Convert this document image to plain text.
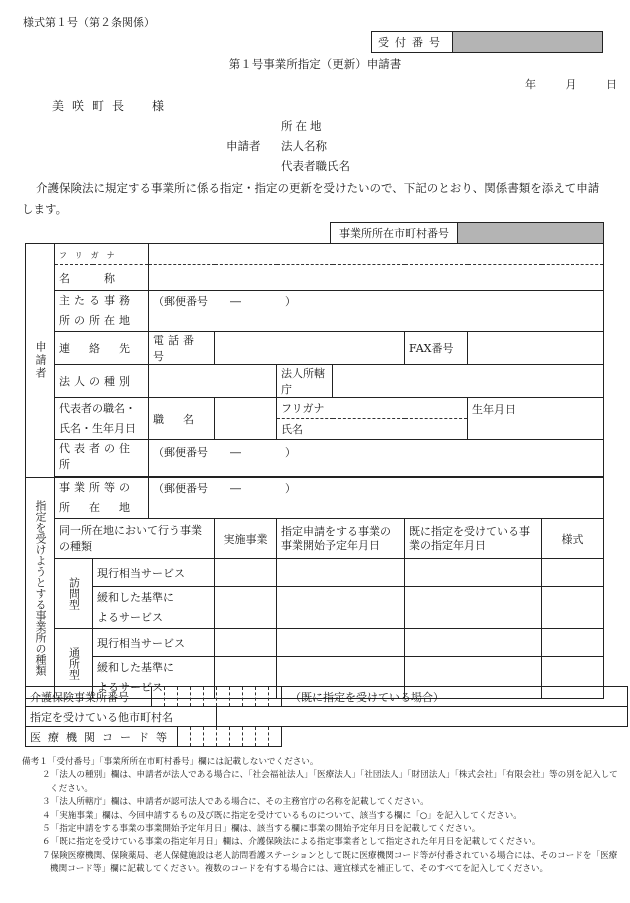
様式第１号（第２条関係）
受付番号
第１号事業所指定（更新）申請書
年	月	日
美咲町長　様
申請者
所在地
法人名称
代表者職氏名
介護保険法に規定する事業所に係る指定・指定の更新を受けたいので、下記のとおり、関係書類を添えて申請します。
事業所所在市町村番号
申請者	フリガナ								
	名　　称								
	主たる事務
所の所在地		（郵便番号　　―　　　　）						
	連　絡　先		電話番号				FAX番号		
	法人の種別				法人所轄庁				
	代表者の職名・
氏名・生年月日		職　名		フリガナ			生年月日	
					氏名				
	代表者の住所		（郵便番号　　―　　　　）						

指定を受けようとする事業所の種類	事業所等の
所　在　地		（郵便番号　　―　　　　）						
	同一所在地において行う事業の種類			実施事業	指定申請をする事業の事業開始予定年月日		既に指定を受けている事業の指定年月日		様式
	訪問型	現行相当サービス							
		緩和した基準に
よるサービス							
	通所型	現行相当サービス							
		緩和した基準に
よるサービス							
介護保険事業所番号											（既に指定を受けている場合）
指定を受けている他市町村名											
医療機関コード等											
備考１「受付番号」「事業所所在市町村番号」欄には記載しないでください。
２「法人の種別」欄は、申請者が法人である場合に、「社会福祉法人」「医療法人」「社団法人」「財団法人」「株式会社」「有限会社」等の別を記入してください。
３「法人所轄庁」欄は、申請者が認可法人である場合に、その主務官庁の名称を記載してください。
４「実施事業」欄は、今回申請するもの及び既に指定を受けているものについて、該当する欄に「○」を記入してください。
５「指定申請をする事業の事業開始予定年月日」欄は、該当する欄に事業の開始予定年月日を記載してください。
６「既に指定を受けている事業の指定年月日」欄は、介護保険法による指定事業者として指定された年月日を記載してください。
７保険医療機関、保険薬局、老人保健施設は老人訪問看護ステーションとして既に医療機関コード等が付番されている場合には、そのコードを「医療機関コード等」欄に記載してください。複数のコードを有する場合には、適宜様式を補正して、そのすべてを記入してください。
